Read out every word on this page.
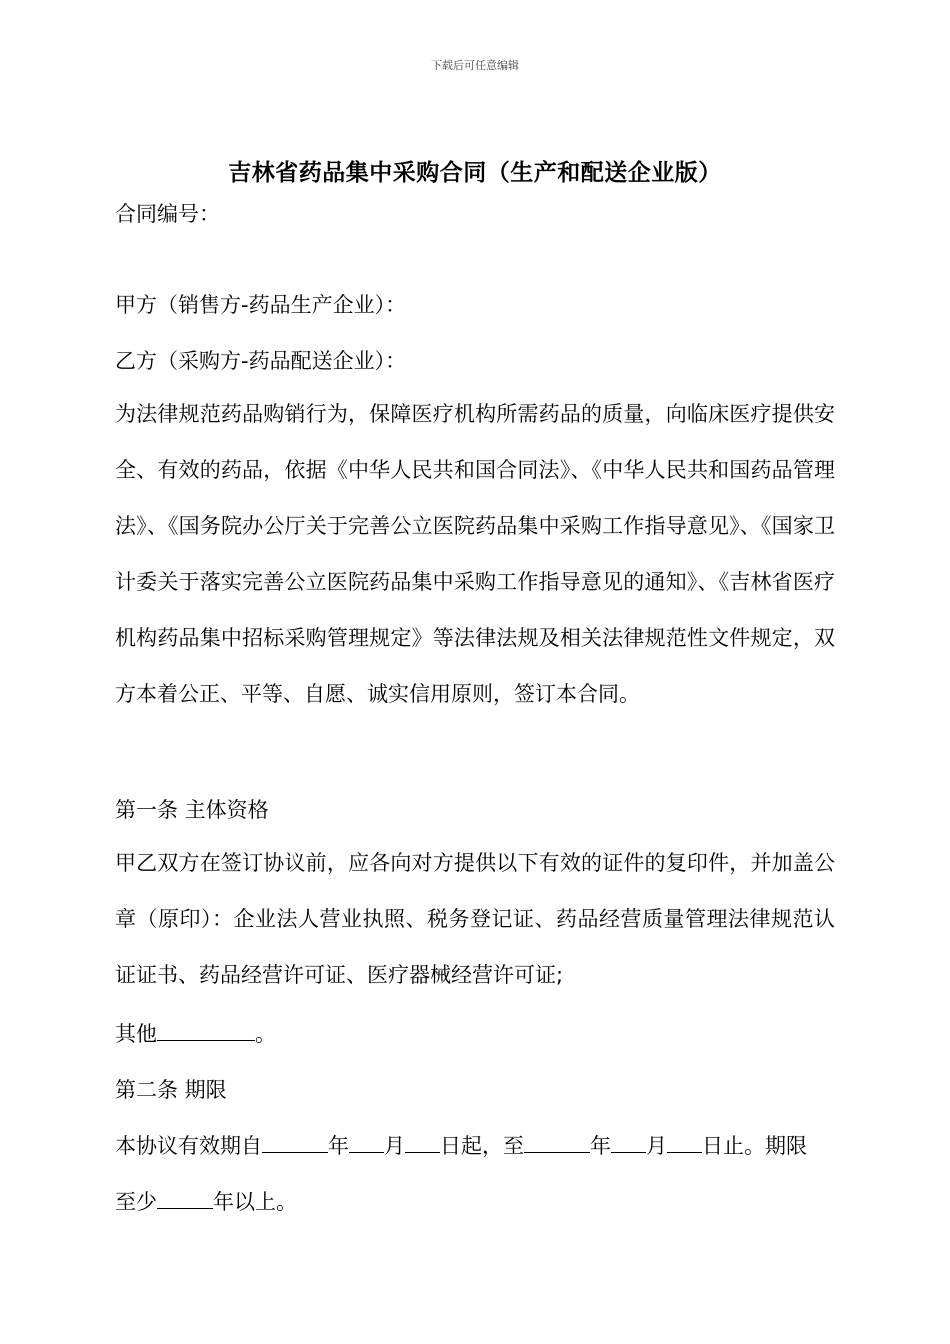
下载后可任意编辑
吉林省药品集中采购合同（生产和配送企业版）
合同编号：
甲方（销售方-药品生产企业）：
乙方（采购方-药品配送企业）：
为法律规范药品购销行为，保障医疗机构所需药品的质量，向临床医疗提供安全、有效的药品，依据《中华人民共和国合同法》、《中华人民共和国药品管理法》、《国务院办公厅关于完善公立医院药品集中采购工作指导意见》、《国家卫计委关于落实完善公立医院药品集中采购工作指导意见的通知》、《吉林省医疗机构药品集中招标采购管理规定》等法律法规及相关法律规范性文件规定，双方本着公正、平等、自愿、诚实信用原则，签订本合同。
第一条 主体资格
甲乙双方在签订协议前，应各向对方提供以下有效的证件的复印件，并加盖公章（原印）：企业法人营业执照、税务登记证、药品经营质量管理法律规范认证证书、药品经营许可证、医疗器械经营许可证;
其他	。
第二条 期限
本协议有效期自	年 月 日起，至	年 月 日止。期限
至少	年以上。
